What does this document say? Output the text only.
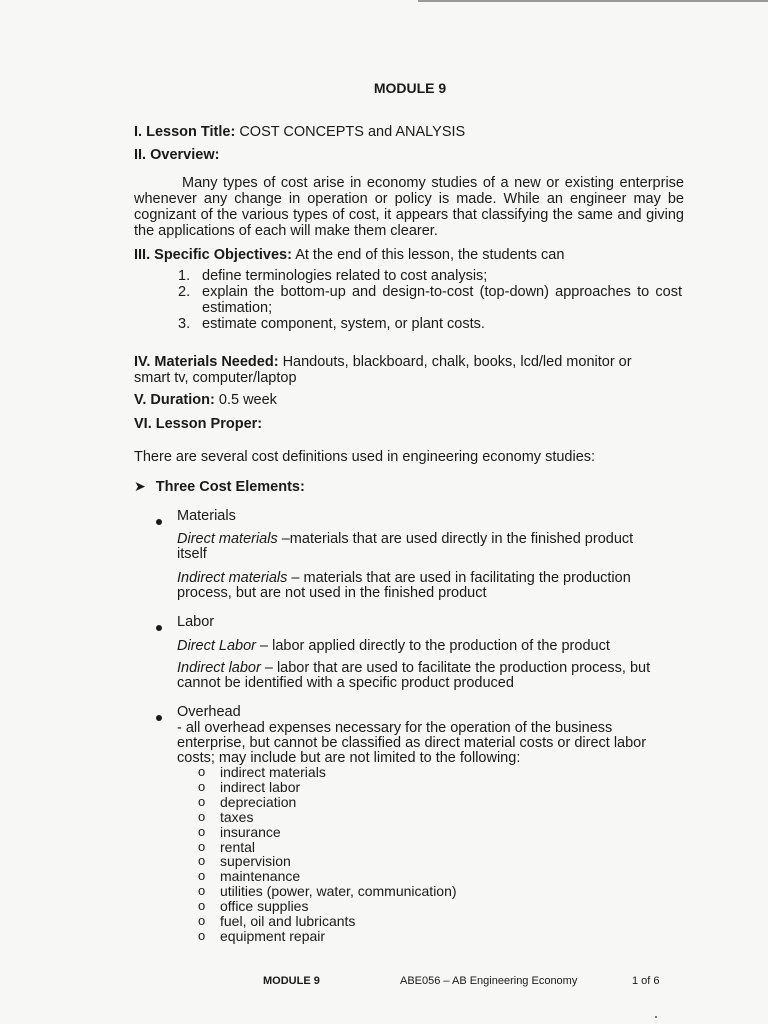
MODULE 9
I. Lesson Title: COST CONCEPTS and ANALYSIS
II. Overview:
Many types of cost arise in economy studies of a new or existing enterprise whenever any change in operation or policy is made. While an engineer may be cognizant of the various types of cost, it appears that classifying the same and giving the applications of each will make them clearer.
III. Specific Objectives: At the end of this lesson, the students can
1. define terminologies related to cost analysis;
2. explain the bottom-up and design-to-cost (top-down) approaches to cost estimation;
3. estimate component, system, or plant costs.
IV. Materials Needed: Handouts, blackboard, chalk, books, lcd/led monitor or
smart tv, computer/laptop
V. Duration: 0.5 week
VI. Lesson Proper:
There are several cost definitions used in engineering economy studies:
➤ Three Cost Elements:
Materials
Direct materials –materials that are used directly in the finished product
itself
Indirect materials – materials that are used in facilitating the production
process, but are not used in the finished product
Labor
Direct Labor – labor applied directly to the production of the product
Indirect labor – labor that are used to facilitate the production process, but
cannot be identified with a specific product produced
Overhead
- all overhead expenses necessary for the operation of the business
enterprise, but cannot be classified as direct material costs or direct labor
costs; may include but are not limited to the following:
o indirect materials
o indirect labor
o depreciation
o taxes
o insurance
o rental
o supervision
o maintenance
o utilities (power, water, communication)
o office supplies
o fuel, oil and lubricants
o equipment repair
MODULE 9	ABE056 – AB Engineering Economy	1 of 6
